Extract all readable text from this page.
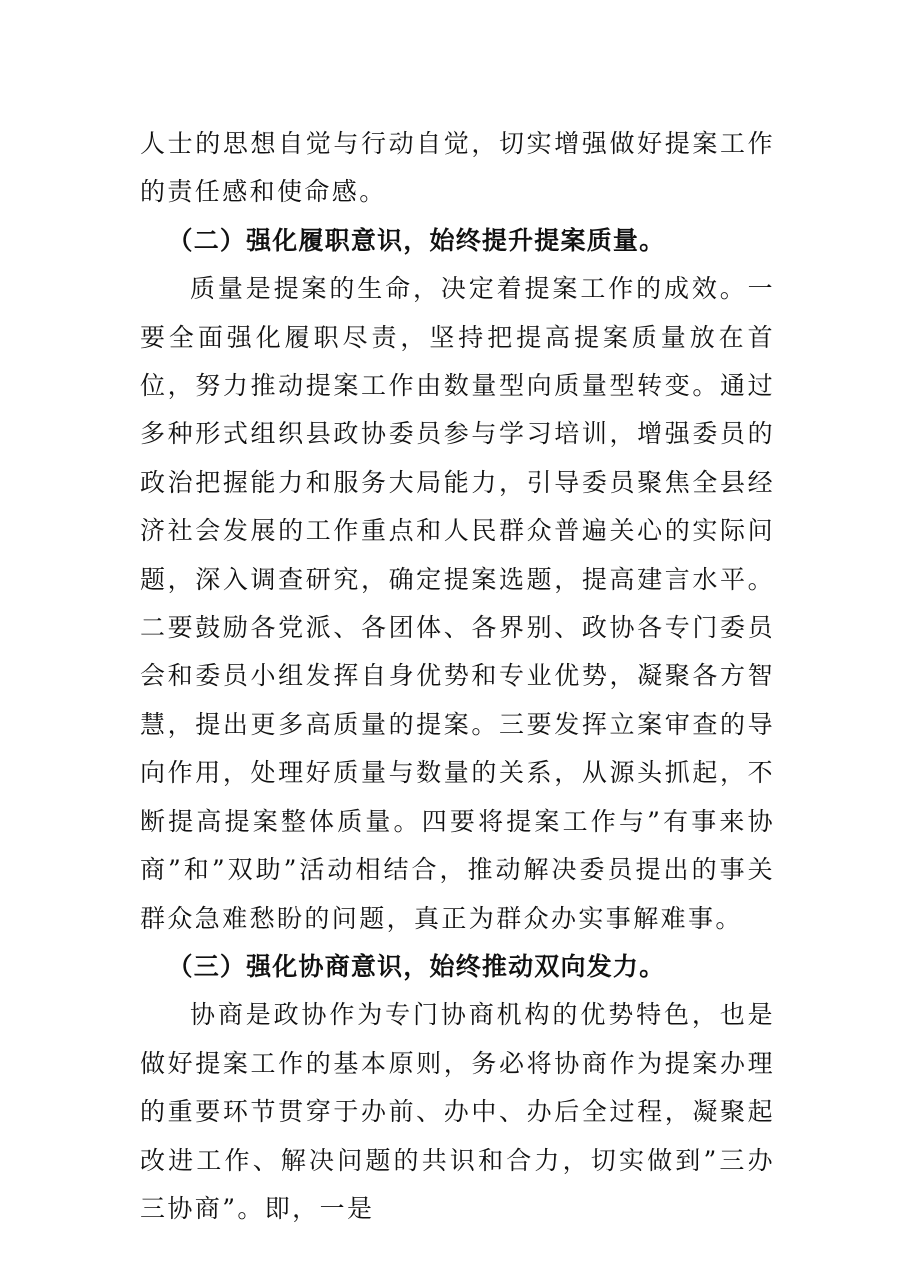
人士的思想自觉与行动自觉，切实增强做好提案工作的责任感和使命感。

（二）强化履职意识，始终提升提案质量。

质量是提案的生命，决定着提案工作的成效。一要全面强化履职尽责，坚持把提高提案质量放在首位，努力推动提案工作由数量型向质量型转变。通过多种形式组织县政协委员参与学习培训，增强委员的政治把握能力和服务大局能力，引导委员聚焦全县经济社会发展的工作重点和人民群众普遍关心的实际问题，深入调查研究，确定提案选题，提高建言水平。二要鼓励各党派、各团体、各界别、政协各专门委员会和委员小组发挥自身优势和专业优势，凝聚各方智慧，提出更多高质量的提案。三要发挥立案审查的导向作用，处理好质量与数量的关系，从源头抓起，不断提高提案整体质量。四要将提案工作与”有事来协商”和”双助”活动相结合，推动解决委员提出的事关群众急难愁盼的问题，真正为群众办实事解难事。

（三）强化协商意识，始终推动双向发力。

协商是政协作为专门协商机构的优势特色，也是做好提案工作的基本原则，务必将协商作为提案办理的重要环节贯穿于办前、办中、办后全过程，凝聚起改进工作、解决问题的共识和合力，切实做到”三办三协商”。即，一是
